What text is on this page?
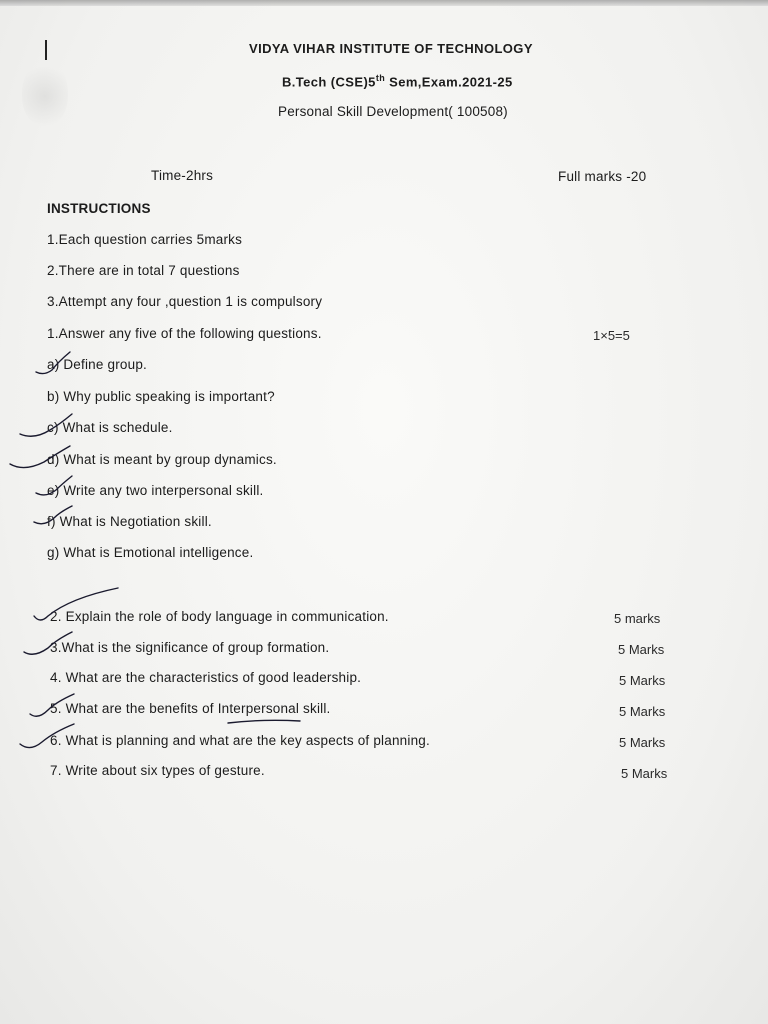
VIDYA VIHAR INSTITUTE OF TECHNOLOGY
B.Tech (CSE)5th Sem,Exam.2021-25
Personal Skill Development( 100508)
Time-2hrs	Full marks -20
INSTRUCTIONS
1.Each question carries 5marks
2.There are in total 7 questions
3.Attempt any four ,question 1 is compulsory
1.Answer any five of the following questions.	1×5=5
a) Define group.
b) Why public speaking is important?
c) What is schedule.
d) What is meant by group dynamics.
e) Write any two interpersonal skill.
f) What is Negotiation skill.
g) What is Emotional intelligence.
2. Explain the role of body language in communication.	5 marks
3.What is the significance of group formation.	5 Marks
4. What are the characteristics of good leadership.	5 Marks
5. What are the benefits of Interpersonal skill.	5 Marks
6. What is planning and what are the key aspects of planning.	5 Marks
7. Write about six types of gesture.	5 Marks
